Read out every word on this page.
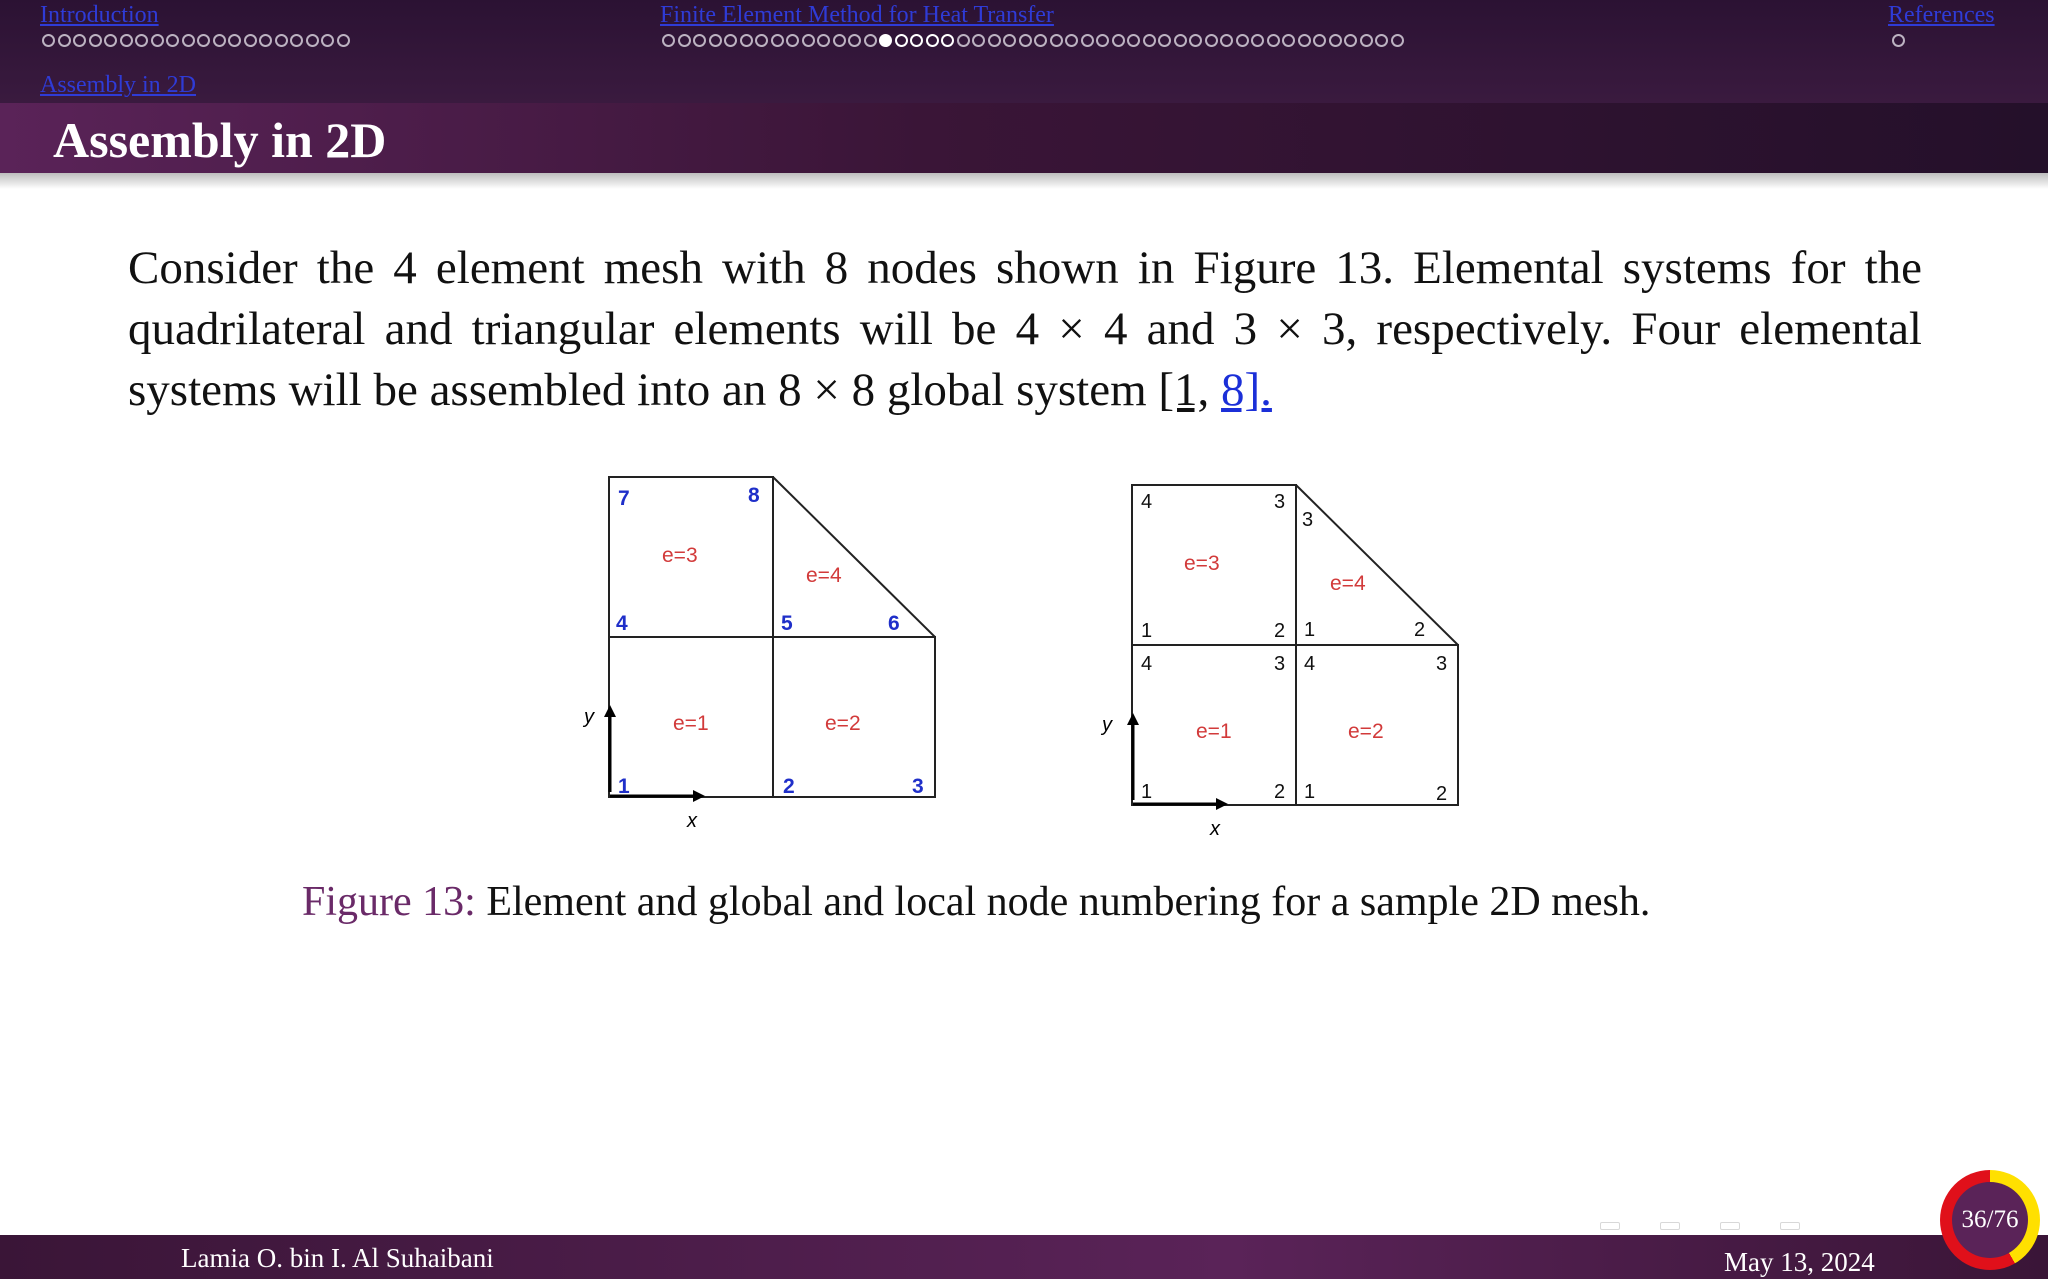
Introduction	Finite Element Method for Heat Transfer	References
Assembly in 2D
Assembly in 2D
Consider the 4 element mesh with 8 nodes shown in Figure 13. Elemental systems for the quadrilateral and triangular elements will be 4 × 4 and 3 × 3, respectively. Four elemental systems will be assembled into an 8 × 8 global system [1, 8].
y
x
e=3
e=4
e=1	e=2
7	8
4	5	6
1	2	3
y
x
e=3
e=4
e=1	e=2
4	3
1	2
3
1	2
4	3
1	2
4	3
1	2
Figure 13: Element and global and local node numbering for a sample 2D mesh.
Lamia O. bin I. Al Suhaibani	May 13, 2024
36/76
